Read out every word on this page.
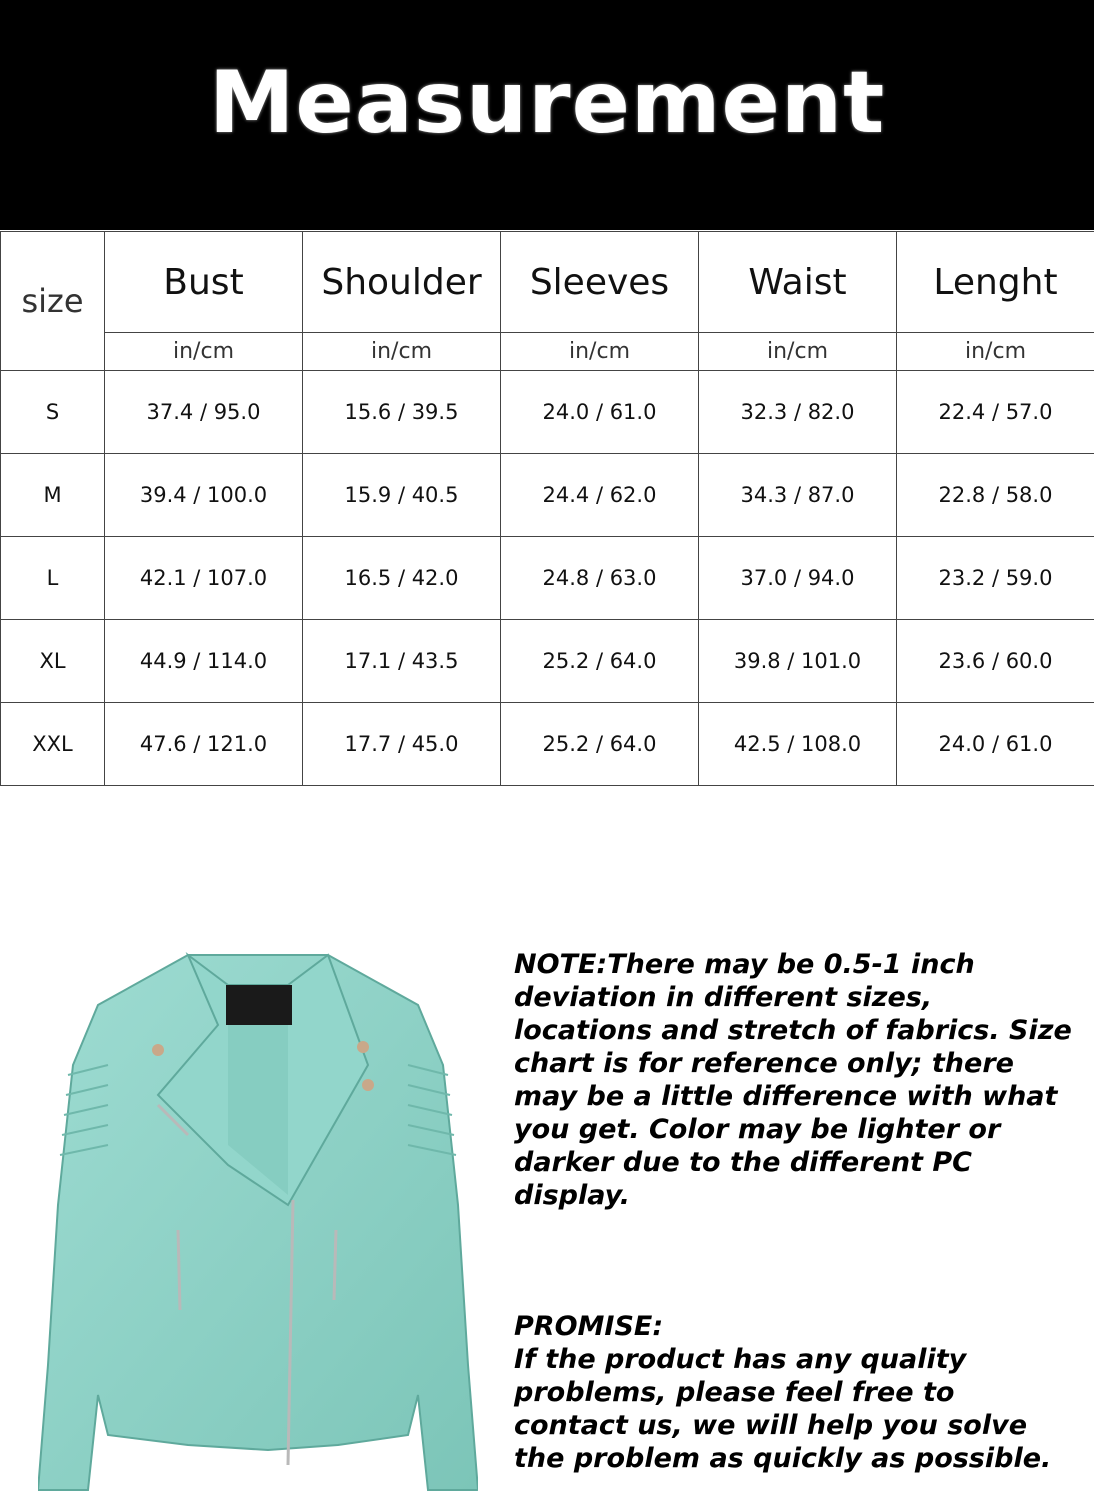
Measurement
size	Bust	Shoulder	Sleeves	Waist	Lenght
	in/cm	in/cm	in/cm	in/cm	in/cm
S	37.4 / 95.0	15.6 / 39.5	24.0 / 61.0	32.3 / 82.0	22.4 / 57.0
M	39.4 / 100.0	15.9 / 40.5	24.4 / 62.0	34.3 / 87.0	22.8 / 58.0
L	42.1 / 107.0	16.5 / 42.0	24.8 / 63.0	37.0 / 94.0	23.2 / 59.0
XL	44.9 / 114.0	17.1 / 43.5	25.2 / 64.0	39.8 / 101.0	23.6 / 60.0
XXL	47.6 / 121.0	17.7 / 45.0	25.2 / 64.0	42.5 / 108.0	24.0 / 61.0

NOTE:There may be 0.5-1 inch
deviation in different sizes,
locations and stretch of fabrics. Size
chart is for reference only; there
may be a little difference with what
you get. Color may be lighter or
darker due to the different PC
display.

PROMISE:
If the product has any quality
problems, please feel free to
contact us, we will help you solve
the problem as quickly as possible.
